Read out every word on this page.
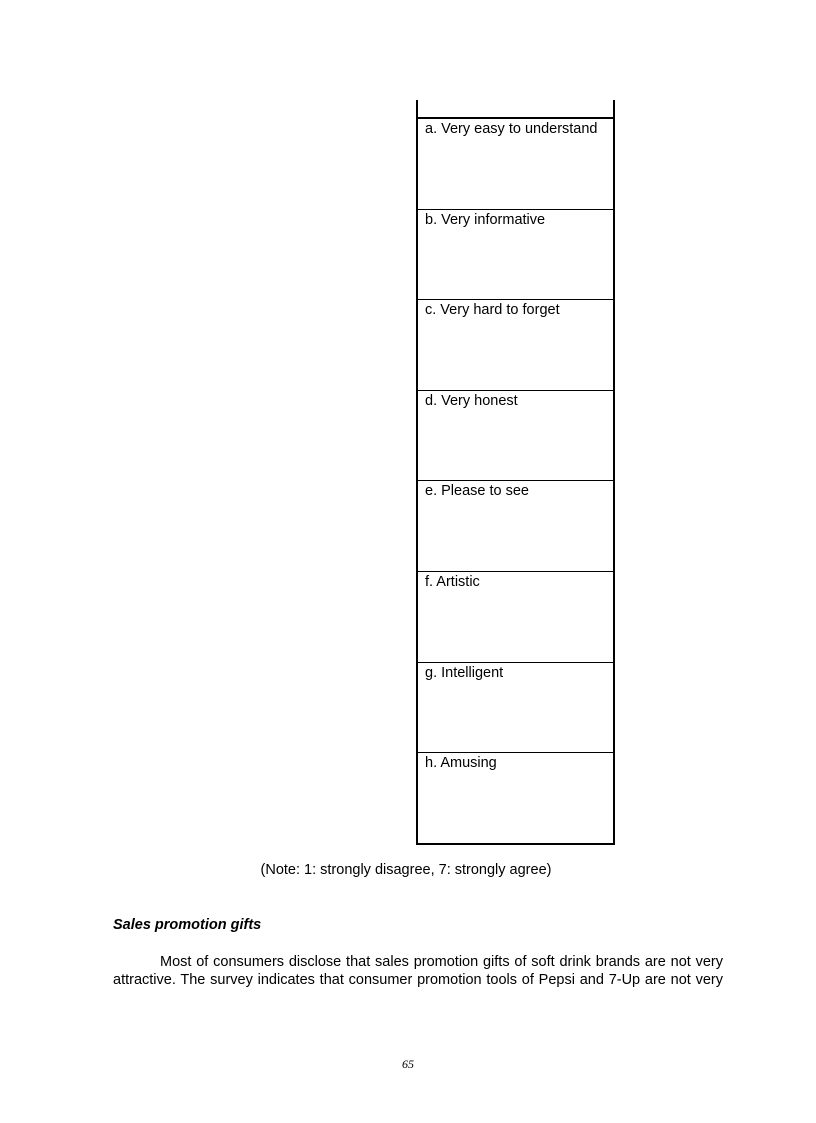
a. Very easy to understand
b. Very informative
c. Very hard to forget
d. Very honest
e. Please to see
f. Artistic
g. Intelligent
h. Amusing
(Note: 1: strongly disagree, 7: strongly agree)
Sales promotion gifts
Most of consumers disclose that sales promotion gifts of soft drink brands are not very
attractive. The survey indicates that consumer promotion tools of Pepsi and 7-Up are not very
65
